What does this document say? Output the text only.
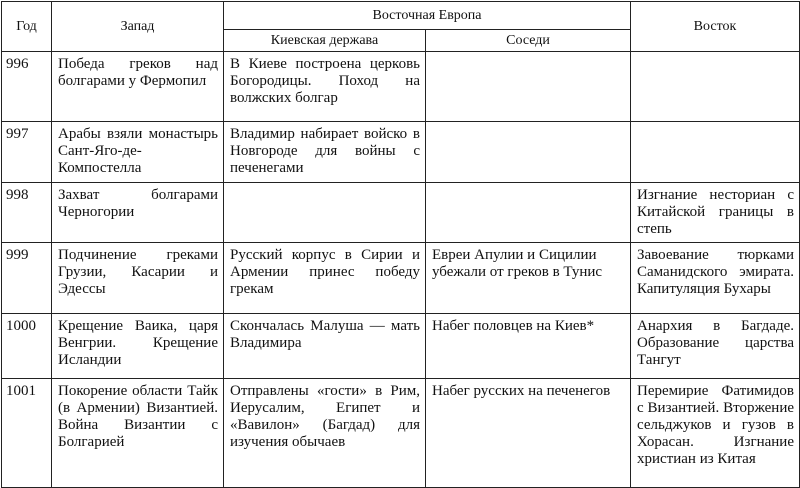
Год	Запад	Восточная Европа		Восток
		Киевская держава	Соседи	

996	Победа греков над болгарами у Фермопил	В Киеве построена церковь Богородицы. Поход на волжских болгар		

997	Арабы взяли монастырь Сант-Яго-де-Компостелла	Владимир набирает войско в Новгороде для войны с печенегами		

998	Захват болгарами Черногории			Изгнание несториан с Китайской границы в степь

999	Подчинение греками Грузии, Касарии и Эдессы	Русский корпус в Сирии и Армении принес победу грекам	Евреи Апулии и Сицилии убежали от греков в Тунис	Завоевание тюрками Саманидского эмирата. Капитуляция Бухары

1000	Крещение Ваика, царя Венгрии. Крещение Исландии	Скончалась Малуша — мать Владимира	Набег половцев на Киев*	Анархия в Багдаде. Образование царства Тангут

1001	Покорение области Тайк (в Армении) Византией. Война Византии с Болгарией	Отправлены «гости» в Рим, Иерусалим, Египет и «Вавилон» (Багдад) для изучения обычаев	Набег русских на печенегов	Перемирие Фатимидов с Византией. Вторжение сельджуков и гузов в Хорасан. Изгнание христиан из Китая
